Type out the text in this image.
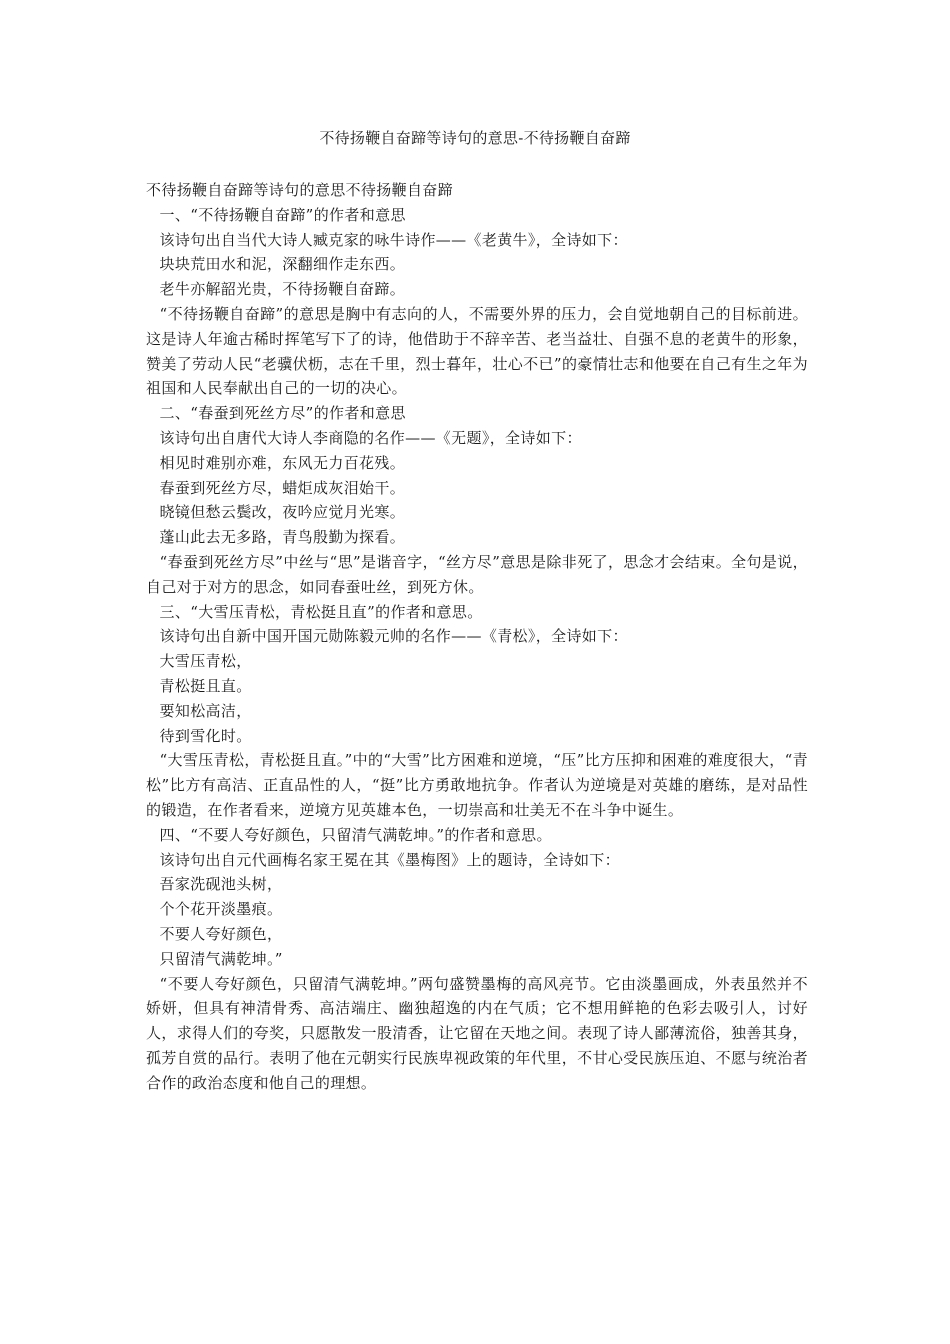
不待扬鞭自奋蹄等诗句的意思-不待扬鞭自奋蹄

不待扬鞭自奋蹄等诗句的意思不待扬鞭自奋蹄

一、“不待扬鞭自奋蹄”的作者和意思

该诗句出自当代大诗人臧克家的咏牛诗作——《老黄牛》，全诗如下：

块块荒田水和泥，深翻细作走东西。

老牛亦解韶光贵，不待扬鞭自奋蹄。

“不待扬鞭自奋蹄”的意思是胸中有志向的人，不需要外界的压力，会自觉地朝自己的目标前进。这是诗人年逾古稀时挥笔写下了的诗，他借助于不辞辛苦、老当益壮、自强不息的老黄牛的形象，赞美了劳动人民“老骥伏枥，志在千里，烈士暮年，壮心不已”的豪情壮志和他要在自己有生之年为祖国和人民奉献出自己的一切的决心。

二、“春蚕到死丝方尽”的作者和意思

该诗句出自唐代大诗人李商隐的名作——《无题》，全诗如下：

相见时难别亦难，东风无力百花残。

春蚕到死丝方尽，蜡炬成灰泪始干。

晓镜但愁云鬓改，夜吟应觉月光寒。

蓬山此去无多路，青鸟殷勤为探看。

“春蚕到死丝方尽”中丝与“思”是谐音字，“丝方尽”意思是除非死了，思念才会结束。全句是说，自己对于对方的思念，如同春蚕吐丝，到死方休。

三、“大雪压青松，青松挺且直”的作者和意思。

该诗句出自新中国开国元勋陈毅元帅的名作——《青松》，全诗如下：

大雪压青松，

青松挺且直。

要知松高洁，

待到雪化时。

“大雪压青松，青松挺且直。”中的“大雪”比方困难和逆境，“压”比方压抑和困难的难度很大，“青松”比方有高洁、正直品性的人，“挺”比方勇敢地抗争。作者认为逆境是对英雄的磨练，是对品性的锻造，在作者看来，逆境方见英雄本色，一切崇高和壮美无不在斗争中诞生。

四、“不要人夸好颜色，只留清气满乾坤。”的作者和意思。

该诗句出自元代画梅名家王冕在其《墨梅图》上的题诗，全诗如下：

吾家洗砚池头树，

个个花开淡墨痕。

不要人夸好颜色，

只留清气满乾坤。”

“不要人夸好颜色，只留清气满乾坤。”两句盛赞墨梅的高风亮节。它由淡墨画成，外表虽然并不娇妍，但具有神清骨秀、高洁端庄、幽独超逸的内在气质；它不想用鲜艳的色彩去吸引人，讨好人，求得人们的夸奖，只愿散发一股清香，让它留在天地之间。表现了诗人鄙薄流俗，独善其身，孤芳自赏的品行。表明了他在元朝实行民族卑视政策的年代里，不甘心受民族压迫、不愿与统治者合作的政治态度和他自己的理想。
